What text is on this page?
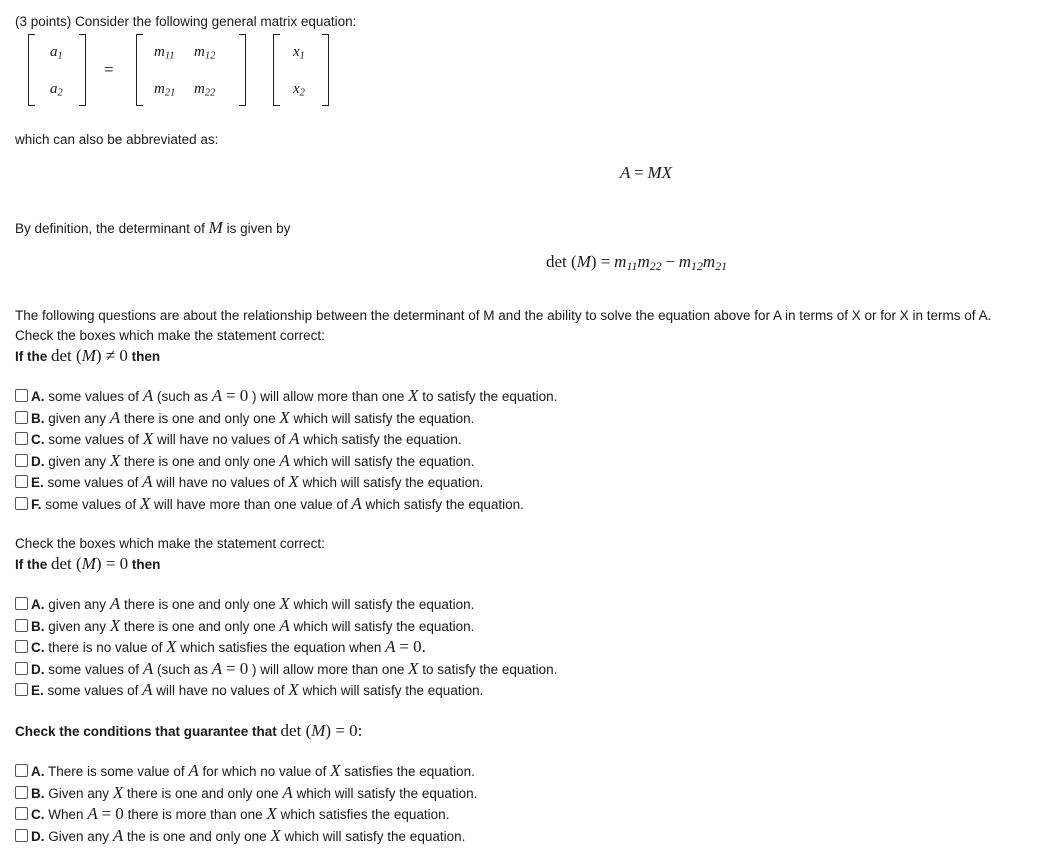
(3 points) Consider the following general matrix equation:
$a_1$
$a_2$
=
$m_{11}$ $m_{12}$
$m_{21}$ $m_{22}$
$x_1$
$x_2$
which can also be abbreviated as:
A = MX
By definition, the determinant of M is given by
$\det (M) = m_{11}m_{22} - m_{12}m_{21}$
The following questions are about the relationship between the determinant of M and the ability to solve the equation above for A in terms of X or for X in terms of A.
Check the boxes which make the statement correct:
If the det (M) ≠ 0 then
A. some values of A (such as A = 0 ) will allow more than one X to satisfy the equation.
B. given any A there is one and only one X which will satisfy the equation.
C. some values of X will have no values of A which satisfy the equation.
D. given any X there is one and only one A which will satisfy the equation.
E. some values of A will have no values of X which will satisfy the equation.
F. some values of X will have more than one value of A which satisfy the equation.
Check the boxes which make the statement correct:
If the det (M) = 0 then
A. given any A there is one and only one X which will satisfy the equation.
B. given any X there is one and only one A which will satisfy the equation.
C. there is no value of X which satisfies the equation when A = 0.
D. some values of A (such as A = 0 ) will allow more than one X to satisfy the equation.
E. some values of A will have no values of X which will satisfy the equation.
Check the conditions that guarantee that det (M) = 0:
A. There is some value of A for which no value of X satisfies the equation.
B. Given any X there is one and only one A which will satisfy the equation.
C. When A = 0 there is more than one X which satisfies the equation.
D. Given any A the is one and only one X which will satisfy the equation.
